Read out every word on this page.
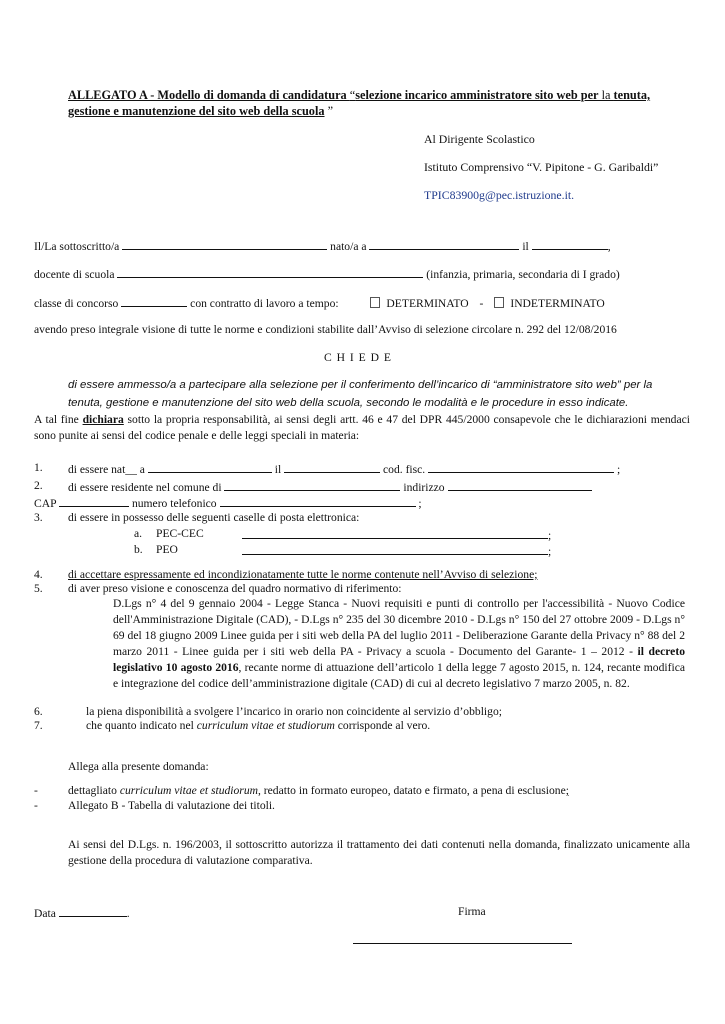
ALLEGATO A - Modello di domanda di candidatura “selezione incarico amministratore sito web per la tenuta, gestione e manutenzione del sito web della scuola ”
Al Dirigente Scolastico
Istituto Comprensivo “V. Pipitone - G. Garibaldi”
TPIC83900g@pec.istruzione.it.
Il/La sottoscritto/a	nato/a a	il	,
docente di scuola	(infanzia, primaria, secondaria di I grado)
classe di concorso	con contratto di lavoro a tempo:	DETERMINATO - INDETERMINATO
avendo preso integrale visione di tutte le norme e condizioni stabilite dall’Avviso di selezione circolare n. 292 del 12/08/2016
C H I E D E
di essere ammesso/a a partecipare alla selezione per il conferimento dell’incarico di “amministratore sito web” per la
tenuta, gestione e manutenzione del sito web della scuola, secondo le modalità e le procedure in esso indicate.
A tal fine dichiara sotto la propria responsabilità, ai sensi degli artt. 46 e 47 del DPR 445/2000 consapevole che le dichiarazioni mendaci sono punite ai sensi del codice penale e delle leggi speciali in materia:
1. di essere nat__ a	il	cod. fisc.	;
2. di essere residente nel comune di	indirizzo
CAP	numero telefonico	;
3. di essere in possesso delle seguenti caselle di posta elettronica:
a. PEC-CEC	;
b. PEO	;
4. di accettare espressamente ed incondizionatamente tutte le norme contenute nell’Avviso di selezione;
5. di aver preso visione e conoscenza del quadro normativo di riferimento:
D.Lgs n° 4 del 9 gennaio 2004 - Legge Stanca - Nuovi requisiti e punti di controllo per l'accessibilità - Nuovo Codice dell'Amministrazione Digitale (CAD), - D.Lgs n° 235 del 30 dicembre 2010 - D.Lgs n° 150 del 27 ottobre 2009 - D.Lgs n° 69 del 18 giugno 2009 Linee guida per i siti web della PA del luglio 2011 - Deliberazione Garante della Privacy n° 88 del 2 marzo 2011 - Linee guida per i siti web della PA - Privacy a scuola - Documento del Garante- 1 – 2012 - il decreto legislativo 10 agosto 2016, recante norme di attuazione dell’articolo 1 della legge 7 agosto 2015, n. 124, recante modifica e integrazione del codice dell’amministrazione digitale (CAD) di cui al decreto legislativo 7 marzo 2005, n. 82.
6.	la piena disponibilità a svolgere l’incarico in orario non coincidente al servizio d’obbligo;
7.	che quanto indicato nel curriculum vitae et studiorum corrisponde al vero.
Allega alla presente domanda:
-	dettagliato curriculum vitae et studiorum, redatto in formato europeo, datato e firmato, a pena di esclusione;
-	Allegato B - Tabella di valutazione dei titoli.
Ai sensi del D.Lgs. n. 196/2003, il sottoscritto autorizza il trattamento dei dati contenuti nella domanda, finalizzato unicamente alla gestione della procedura di valutazione comparativa.
Data	.	Firma
